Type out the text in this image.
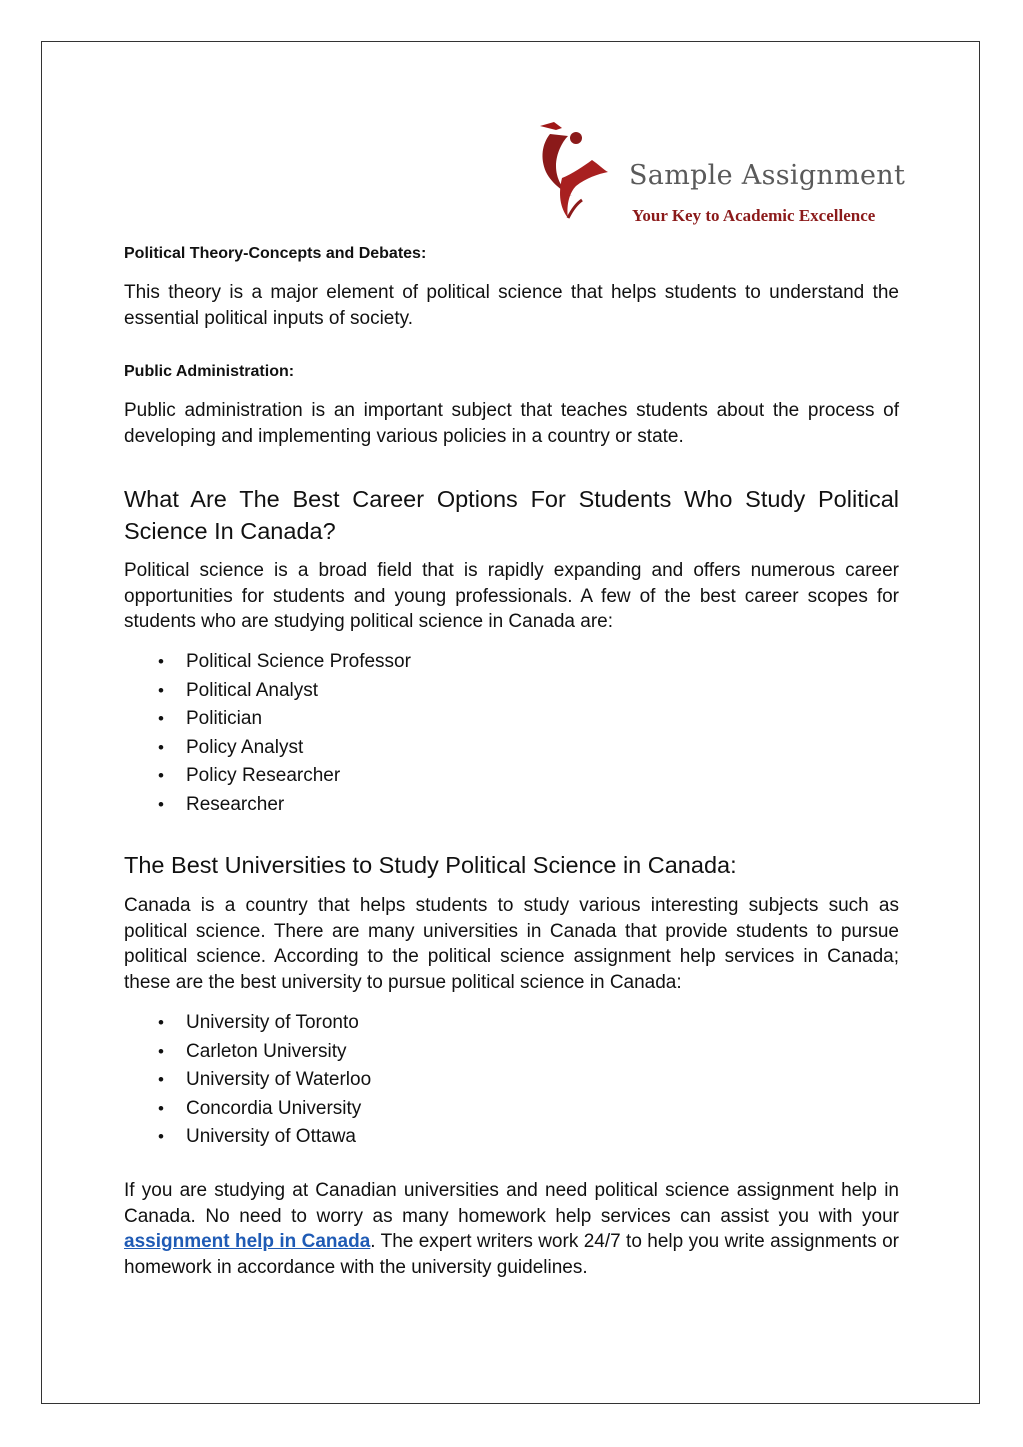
Sample Assignment
Your Key to Academic Excellence
Political Theory-Concepts and Debates:

This theory is a major element of political science that helps students to understand the essential political inputs of society.

Public Administration:

Public administration is an important subject that teaches students about the process of developing and implementing various policies in a country or state.

What Are The Best Career Options For Students Who Study Political Science In Canada?

Political science is a broad field that is rapidly expanding and offers numerous career opportunities for students and young professionals. A few of the best career scopes for students who are studying political science in Canada are:

• Political Science Professor
• Political Analyst
• Politician
• Policy Analyst
• Policy Researcher
• Researcher
The Best Universities to Study Political Science in Canada:

Canada is a country that helps students to study various interesting subjects such as political science. There are many universities in Canada that provide students to pursue political science. According to the political science assignment help services in Canada; these are the best university to pursue political science in Canada:

• University of Toronto
• Carleton University
• University of Waterloo
• Concordia University
• University of Ottawa

If you are studying at Canadian universities and need political science assignment help in Canada. No need to worry as many homework help services can assist you with your assignment help in Canada. The expert writers work 24/7 to help you write assignments or homework in accordance with the university guidelines.
